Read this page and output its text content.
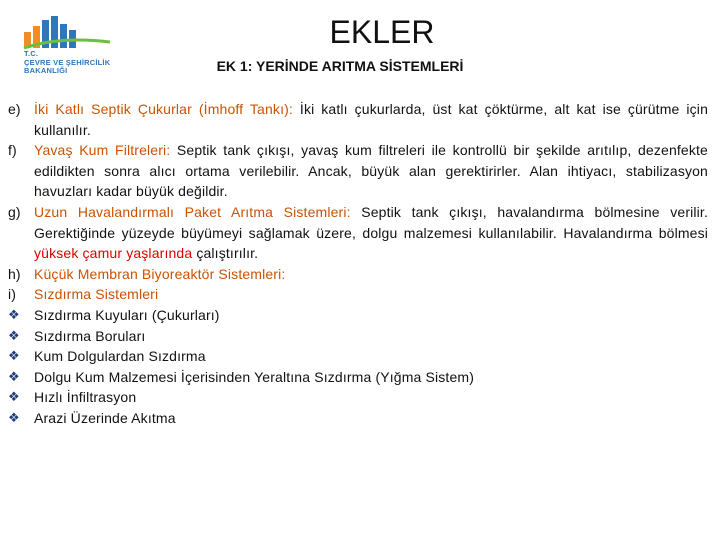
T.C.
ÇEVRE VE ŞEHİRCİLİK
BAKANLIĞI
EKLER
EK 1: YERİNDE ARITMA SİSTEMLERİ
e) İki Katlı Septik Çukurlar (İmhoff Tankı): İki katlı çukurlarda, üst kat çöktürme, alt kat ise çürütme için kullanılır.
f)	Yavaş Kum Filtreleri: Septik tank çıkışı, yavaş kum filtreleri ile kontrollü bir şekilde arıtılıp, dezenfekte edildikten sonra alıcı ortama verilebilir. Ancak, büyük alan gerektirirler. Alan ihtiyacı, stabilizasyon havuzları kadar büyük değildir.
g) Uzun Havalandırmalı Paket Arıtma Sistemleri: Septik tank çıkışı, havalandırma bölmesine verilir. Gerektiğinde yüzeyde büyümeyi sağlamak üzere, dolgu malzemesi kullanılabilir. Havalandırma bölmesi yüksek çamur yaşlarında çalıştırılır.
h) Küçük Membran Biyoreaktör Sistemleri:
i)	Sızdırma Sistemleri
❖	Sızdırma Kuyuları (Çukurları)
❖	Sızdırma Boruları
❖	Kum Dolgulardan Sızdırma
❖	Dolgu Kum Malzemesi İçerisinden Yeraltına Sızdırma (Yığma Sistem)
❖	Hızlı İnfiltrasyon
❖	Arazi Üzerinde Akıtma
